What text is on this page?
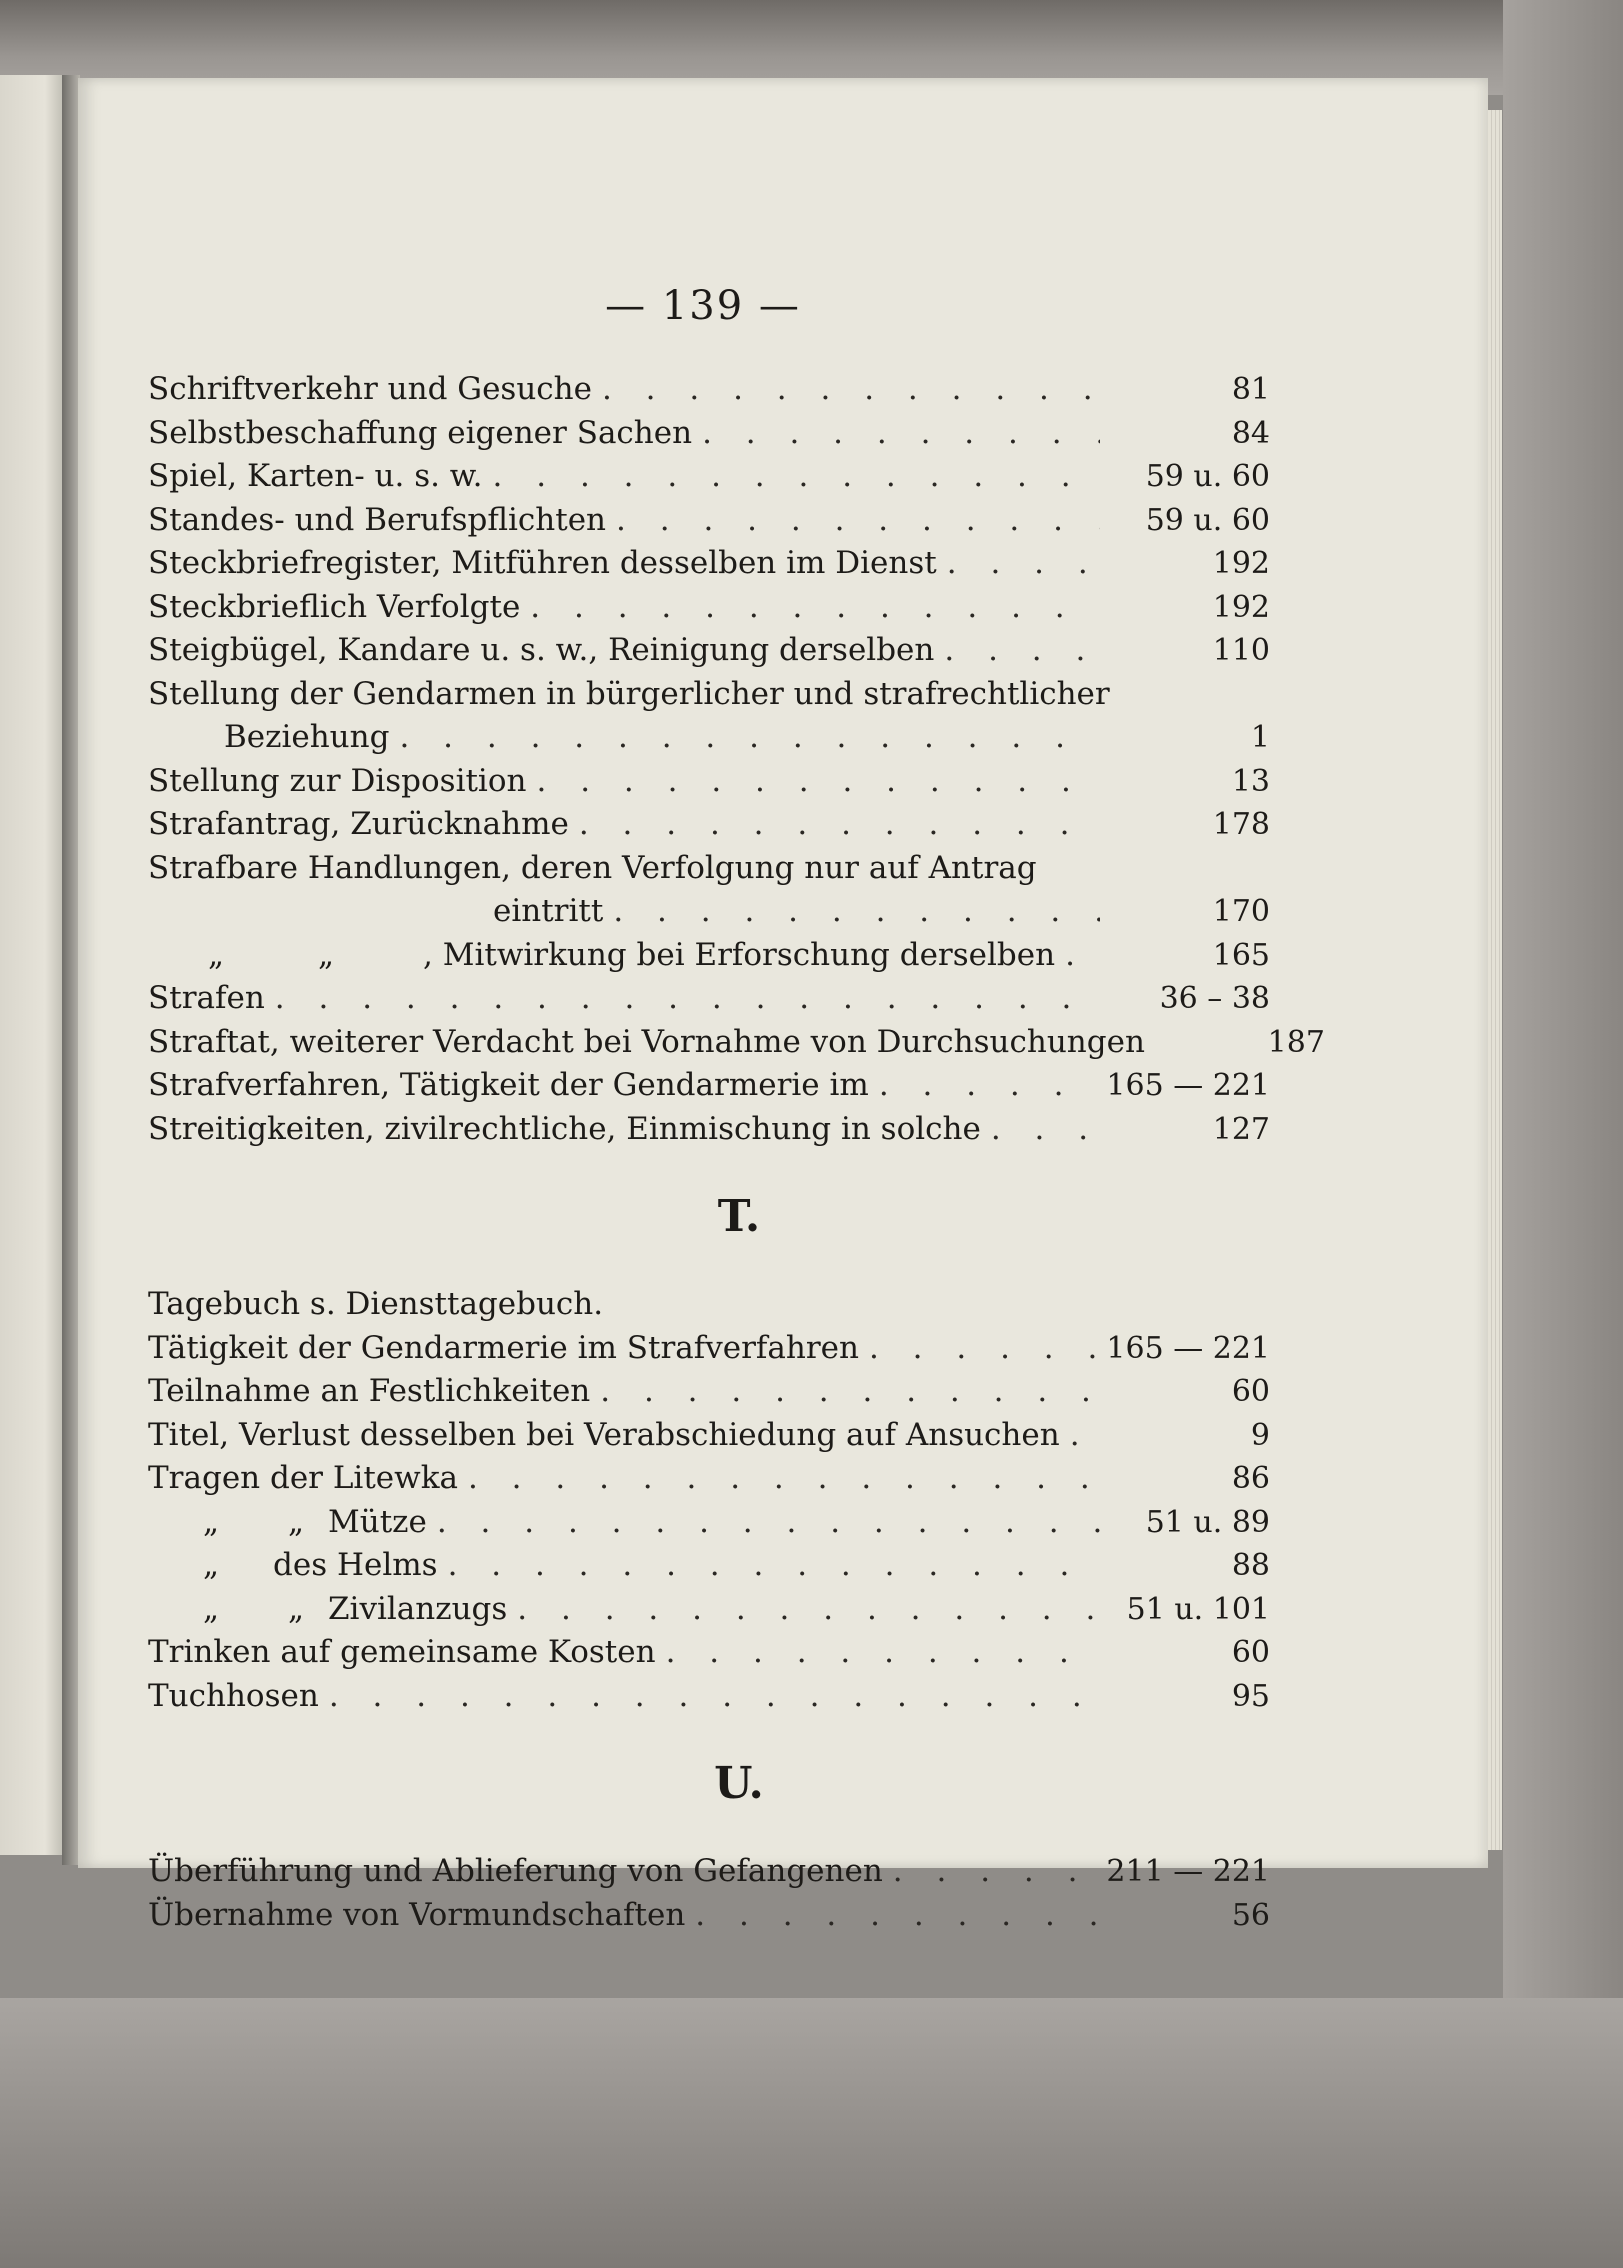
— 139 —
Schriftverkehr und Gesuche . . .	81
Selbstbeschaffung eigener Sachen . . .	84
Spiel, Karten- u. s. w. . . .	59 u. 60
Standes- und Berufspflichten . . .	59 u. 60
Steckbriefregister, Mitführen desselben im Dienst . . .	192
Steckbrieflich Verfolgte . . .	192
Steigbügel, Kandare u. s. w., Reinigung derselben . . .	110
Stellung der Gendarmen in bürgerlicher und strafrechtlicher
Beziehung . . .	1
Stellung zur Disposition . . .	13
Strafantrag, Zurücknahme . . .	178
Strafbare Handlungen, deren Verfolgung nur auf Antrag
eintritt . . .	170
„	„	, Mitwirkung bei Erforschung derselben . . .	165
Strafen . . .	36 – 38
Straftat, weiterer Verdacht bei Vornahme von Durchsuchungen . . .	187
Strafverfahren, Tätigkeit der Gendarmerie im . . .	165 — 221
Streitigkeiten, zivilrechtliche, Einmischung in solche . . .	127
T.
Tagebuch s. Diensttagebuch.
Tätigkeit der Gendarmerie im Strafverfahren . . .	165 — 221
Teilnahme an Festlichkeiten . . .	60
Titel, Verlust desselben bei Verabschiedung auf Ansuchen . . .	9
Tragen der Litewka . . .	86
„ „ Mütze . . .	51 u. 89
„ des Helms . . .	88
„ „ Zivilanzugs . . .	51 u. 101
Trinken auf gemeinsame Kosten . . .	60
Tuchhosen . . .	95
U.
Überführung und Ablieferung von Gefangenen . . .	211 — 221
Übernahme von Vormundschaften . . .	56
